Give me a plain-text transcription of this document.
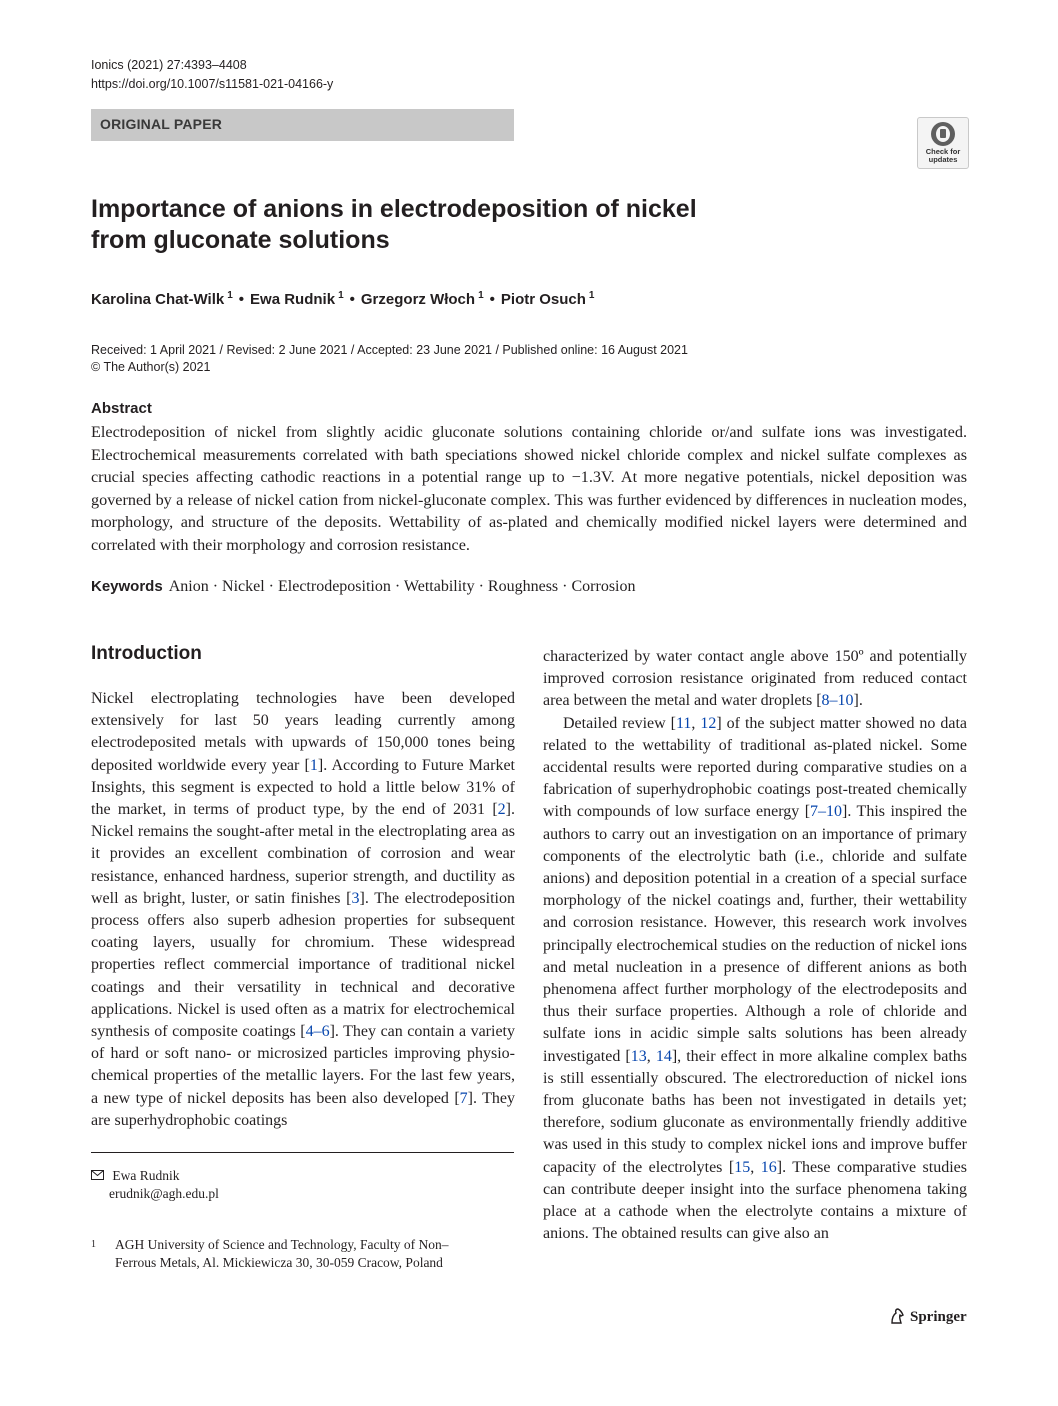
Ionics (2021) 27:4393–4408
https://doi.org/10.1007/s11581-021-04166-y
ORIGINAL PAPER
Check for
updates
Importance of anions in electrodeposition of nickel
from gluconate solutions
Karolina Chat-Wilk $^1$ • Ewa Rudnik $^1$ • Grzegorz Włoch $^1$ • Piotr Osuch $^1$
Received: 1 April 2021 / Revised: 2 June 2021 / Accepted: 23 June 2021 / Published online: 16 August 2021
© The Author(s) 2021
Abstract

Electrodeposition of nickel from slightly acidic gluconate solutions containing chloride or/and sulfate ions was investigated. Electrochemical measurements correlated with bath speciations showed nickel chloride complex and nickel sulfate complexes as crucial species affecting cathodic reactions in a potential range up to −1.3V. At more negative potentials, nickel deposition was governed by a release of nickel cation from nickel-gluconate complex. This was further evidenced by differences in nucleation modes, morphology, and structure of the deposits. Wettability of as-plated and chemically modified nickel layers were determined and correlated with their morphology and corrosion resistance.

Keywords Anion · Nickel · Electrodeposition · Wettability · Roughness · Corrosion
Introduction

Nickel electroplating technologies have been developed extensively for last 50 years leading currently among electrodeposited metals with upwards of 150,000 tones being deposited worldwide every year [1]. According to Future Market Insights, this segment is expected to hold a little below 31% of the market, in terms of product type, by the end of 2031 [2]. Nickel remains the sought-after metal in the electroplating area as it provides an excellent combination of corrosion and wear resistance, enhanced hardness, superior strength, and ductility as well as bright, luster, or satin finishes [3]. The electrodeposition process offers also superb adhesion properties for subsequent coating layers, usually for chromium. These widespread properties reflect commercial importance of traditional nickel coatings and their versatility in technical and decorative applications. Nickel is used often as a matrix for electrochemical synthesis of composite coatings [4–6]. They can contain a variety of hard or soft nano- or microsized particles improving physio-chemical properties of the metallic layers. For the last few years, a new type of nickel deposits has been also developed [7]. They are superhydrophobic coatings

characterized by water contact angle above 150º and potentially improved corrosion resistance originated from reduced contact area between the metal and water droplets [8–10].

Detailed review [11, 12] of the subject matter showed no data related to the wettability of traditional as-plated nickel. Some accidental results were reported during comparative studies on a fabrication of superhydrophobic coatings post-treated chemically with compounds of low surface energy [7–10]. This inspired the authors to carry out an investigation on an importance of primary components of the electrolytic bath (i.e., chloride and sulfate anions) and deposition potential in a creation of a special surface morphology of the nickel coatings and, further, their wettability and corrosion resistance. However, this research work involves principally electrochemical studies on the reduction of nickel ions and metal nucleation in a presence of different anions as both phenomena affect further morphology of the electrodeposits and thus their surface properties. Although a role of chloride and sulfate ions in acidic simple salts solutions has been already investigated [13, 14], their effect in more alkaline complex baths is still essentially obscured. The electroreduction of nickel ions from gluconate baths has been not investigated in details yet; therefore, sodium gluconate as environmentally friendly additive was used in this study to complex nickel ions and improve buffer capacity of the electrolytes [15, 16]. These comparative studies can contribute deeper insight into the surface phenomena taking place at a cathode when the electrolyte contains a mixture of anions. The obtained results can give also an

Ewa Rudnik
erudnik@agh.edu.pl
1 AGH University of Science and Technology, Faculty of Non–
Ferrous Metals, Al. Mickiewicza 30, 30-059 Cracow, Poland
Springer
